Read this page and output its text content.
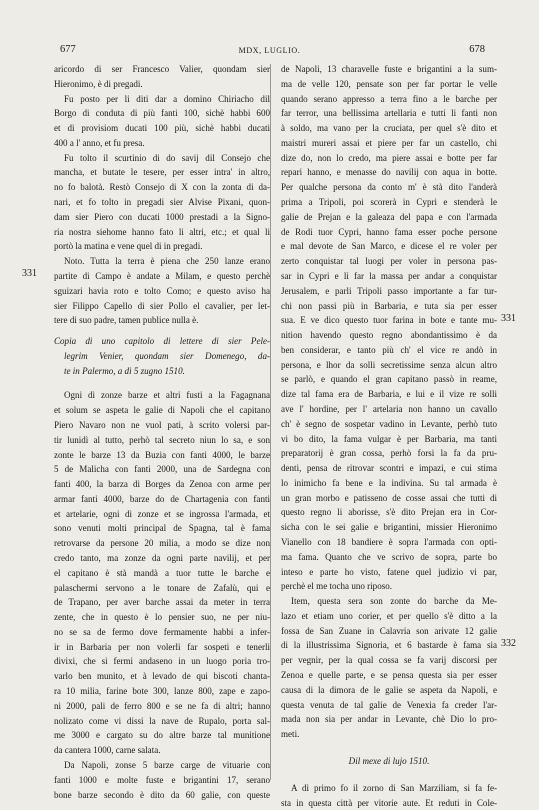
677	MDX, LUGLIO.	678
331
331
332
aricordo di ser Francesco Valier, quondam sier
Hieronimo, è di pregadi.
Fu posto per li diti dar a domino Chiriacho dil
Borgo di conduta di più fanti 100, sichè habbi 600
et di provisiom ducati 100 più, sichè habbi ducati
400 a l' anno, et fu presa.
Fu tolto il scurtinio di do savij dil Consejo che
mancha, et butate le tesere, per esser intra' in altro,
no fo balotà. Restò Consejo di X con la zonta di da-
nari, et fo tolto in pregadi sier Alvise Pixani, quon-
dam sier Piero con ducati 1000 prestadi a la Signo-
ria nostra siehome hanno fato li altri, etc.; et qual li
portò la matina e vene quel di in pregadi.
Noto. Tutta la terra è piena che 250 lanze erano
partite di Campo è andate a Milam, e questo perchè
sguizari havia roto e tolto Como; e questo aviso ha
sier Filippo Capello di sier Pollo el cavalier, per let-
tere di suo padre, tamen publice nulla è.
Copia di uno capitolo di lettere di sier Pele-
legrim Venier, quondam sier Domenego, da-
te in Palermo, a dì 5 zugno 1510.
Ogni dì zonze barze et altri fusti a la Fagagnana
et solum se aspeta le galie di Napoli che el capitano
Piero Navaro non ne vuol pati, à scrito volersi par-
tir lunidì al tutto, perhò tal secreto niun lo sa, e son
zonte le barze 13 da Buzia con fanti 4000, le barze
5 de Malicha con fanti 2000, una de Sardegna con
fanti 400, la barza di Borges da Zenoa con arme per
armar fanti 4000, barze do de Chartagenia con fanti
et artelarie, ogni dì zonze et se ingrossa l'armada, et
sono venuti molti principal de Spagna, tal è fama
retrovarse da persone 20 milia, a modo se dize non
credo tanto, ma zonze da ogni parte navilij, et per
el capitano è stà mandà a tuor tutte le barche e
palaschermi servono a le tonare de Zafalù, qui e
de Trapano, per aver barche assai da meter in terra
zente, che in questo è lo pensier suo, ne per niu-
no se sa de fermo dove fermamente habbi a infer-
ir in Barbaria per non volerli far sospeti e tenerli
divixi, che si fermi andaseno in un luogo poria tro-
varlo ben munito, et à levado de qui biscoti chanta-
ra 10 milia, farine bote 300, lanze 800, zape e zapo-
ni 2000, pali de ferro 800 e se ne fa di altri; hanno
nolizato come vi dissi la nave de Rupalo, porta sal-
me 3000 e cargato su do altre barze tal munitione
da cantera 1000, carne salata.
Da Napoli, zonse 5 barze carge de vituarie con
fanti 1000 e molte fuste e brigantini 17, serano
bone barze secondo è dito da 60 galie, con queste
de Napoli, 13 charavelle fuste e brigantini a la sum-
ma de velle 120, pensate son per far portar le velle
quando serano appresso a terra fino a le barche per
far terror, una bellissima artellaria e tutti li fanti non
à soldo, ma vano per la cruciata, per quel s'è dito et
maistri mureri assai et piere per far un castello, chi
dize do, non lo credo, ma piere assai e botte per far
repari hanno, e menasse do navilij con aqua in botte.
Per qualche persona da conto m' è stà dito l'anderà
prima a Tripoli, poi scorerà in Cypri e stenderà le
galie de Prejan e la galeaza del papa e con l'armada
de Rodi tuor Cypri, hanno fama esser poche persone
e mal devote de San Marco, e dicese el re voler per
zerto conquistar tal luogi per voler in persona pas-
sar in Cypri e lì far la massa per andar a conquistar
Jerusalem, e parli Tripoli passo importante a far tur-
chi non passi più in Barbaria, e tuta sia per esser
sua. E ve dico questo tuor farina in bote e tante mu-
nition havendo questo regno abondantissimo è da
ben considerar, e tanto più ch' el vice re andò in
persona, e lhor da solli secretissime senza alcun altro
se parlò, e quando el gran capitano passò in reame,
dize tal fama era de Barbaria, e lui e il vize re solli
ave l' hordine, per l' artelaria non hanno un cavallo
ch' è segno de sospetar vadino in Levante, perhò tuto
vi bo dito, la fama vulgar è per Barbaria, ma tanti
preparatorij è gran cossa, perhò forsi la fa da pru-
denti, pensa de ritrovar scontri e impazi, e cui stima
lo inimicho fa bene e la indivina. Su tal armada è
un gran morbo e patisseno de cosse assai che tutti di
questo regno li aborisse, s'è dito Prejan era in Cor-
sicha con le sei galie e brigantini, missier Hieronimo
Vianello con 18 bandiere è sopra l'armada con opti-
ma fama. Quanto che ve scrivo de sopra, parte bo
inteso e parte ho visto, fatene quel judizio vi par,
perchè el me tocha uno riposo.
Item, questa sera son zonte do barche da Me-
lazo et etiam uno corier, et per quello s'è ditto a la
fossa de San Zuane in Calavria son arivate 12 galie
di la illustrissima Signoria, et 6 bastarde è fama sia
per vegnir, per la qual cossa se fa varij discorsi per
Zenoa e quelle parte, e se pensa questa sia per esser
causa di la dimora de le galie se aspeta da Napoli, e
questa venuta de tal galie de Venexia fa creder l'ar-
mada non sia per andar in Levante, chè Dio lo pro-
meti.
Dil mexe di lujo 1510.
A dì primo fo il zorno di San Marziliam, si fa fe-
sta in questa città per vitorie aute. Et reduti in Cole-
